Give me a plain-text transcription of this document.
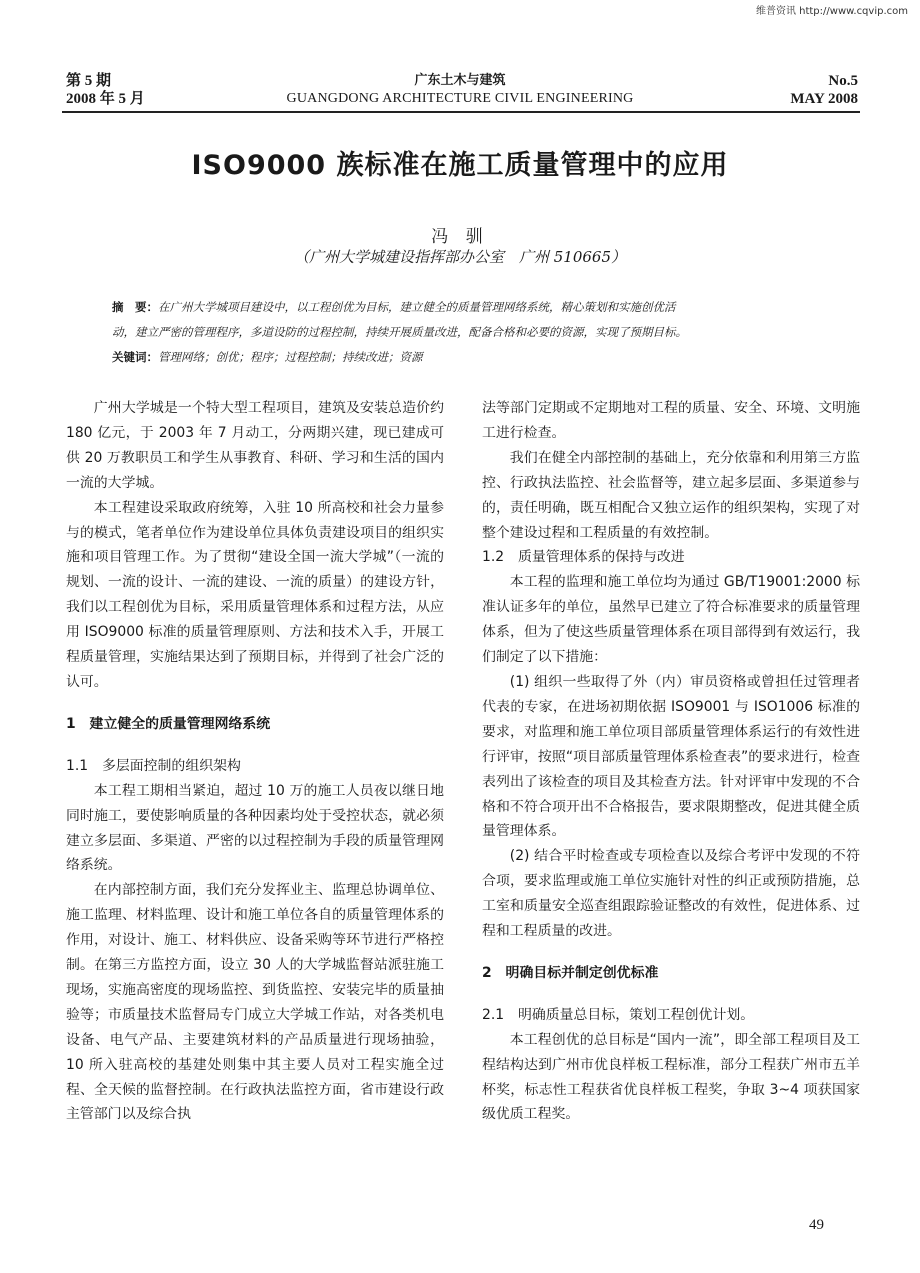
维普资讯 http://www.cqvip.com
第 5 期
2008 年 5 月
广东土木与建筑
GUANGDONG ARCHITECTURE CIVIL ENGINEERING
No.5
MAY 2008
ISO9000 族标准在施工质量管理中的应用
冯 驯
（广州大学城建设指挥部办公室　广州 510665）
摘　要：在广州大学城项目建设中，以工程创优为目标，建立健全的质量管理网络系统，精心策划和实施创优活
动，建立严密的管理程序，多道设防的过程控制，持续开展质量改进，配备合格和必要的资源，实现了预期目标。
关键词：管理网络；创优；程序；过程控制；持续改进；资源

广州大学城是一个特大型工程项目，建筑及安装总造价约 180 亿元，于 2003 年 7 月动工，分两期兴建，现已建成可供 20 万教职员工和学生从事教育、科研、学习和生活的国内一流的大学城。

本工程建设采取政府统筹，入驻 10 所高校和社会力量参与的模式，笔者单位作为建设单位具体负责建设项目的组织实施和项目管理工作。为了贯彻“建设全国一流大学城”（一流的规划、一流的设计、一流的建设、一流的质量）的建设方针，我们以工程创优为目标，采用质量管理体系和过程方法，从应用 ISO9000 标准的质量管理原则、方法和技术入手，开展工程质量管理，实施结果达到了预期目标，并得到了社会广泛的认可。

1　建立健全的质量管理网络系统

1.1　多层面控制的组织架构

本工程工期相当紧迫，超过 10 万的施工人员夜以继日地同时施工，要使影响质量的各种因素均处于受控状态，就必须建立多层面、多渠道、严密的以过程控制为手段的质量管理网络系统。

在内部控制方面，我们充分发挥业主、监理总协调单位、施工监理、材料监理、设计和施工单位各自的质量管理体系的作用，对设计、施工、材料供应、设备采购等环节进行严格控制。在第三方监控方面，设立 30 人的大学城监督站派驻施工现场，实施高密度的现场监控、到货监控、安装完毕的质量抽验等；市质量技术监督局专门成立大学城工作站，对各类机电设备、电气产品、主要建筑材料的产品质量进行现场抽验，10 所入驻高校的基建处则集中其主要人员对工程实施全过程、全天候的监督控制。在行政执法监控方面，省市建设行政主管部门以及综合执

法等部门定期或不定期地对工程的质量、安全、环境、文明施工进行检查。

我们在健全内部控制的基础上，充分依靠和利用第三方监控、行政执法监控、社会监督等，建立起多层面、多渠道参与的，责任明确，既互相配合又独立运作的组织架构，实现了对整个建设过程和工程质量的有效控制。

1.2　质量管理体系的保持与改进

本工程的监理和施工单位均为通过 GB/T19001:2000 标准认证多年的单位，虽然早已建立了符合标准要求的质量管理体系，但为了使这些质量管理体系在项目部得到有效运行，我们制定了以下措施：

(1) 组织一些取得了外（内）审员资格或曾担任过管理者代表的专家，在进场初期依据 ISO9001 与 ISO1006 标准的要求，对监理和施工单位项目部质量管理体系运行的有效性进行评审，按照“项目部质量管理体系检查表”的要求进行，检查表列出了该检查的项目及其检查方法。针对评审中发现的不合格和不符合项开出不合格报告，要求限期整改，促进其健全质量管理体系。

(2) 结合平时检查或专项检查以及综合考评中发现的不符合项，要求监理或施工单位实施针对性的纠正或预防措施，总工室和质量安全巡查组跟踪验证整改的有效性，促进体系、过程和工程质量的改进。

2　明确目标并制定创优标准

2.1　明确质量总目标，策划工程创优计划。

本工程创优的总目标是“国内一流”，即全部工程项目及工程结构达到广州市优良样板工程标准，部分工程获广州市五羊杯奖，标志性工程获省优良样板工程奖，争取 3~4 项获国家级优质工程奖。

49
